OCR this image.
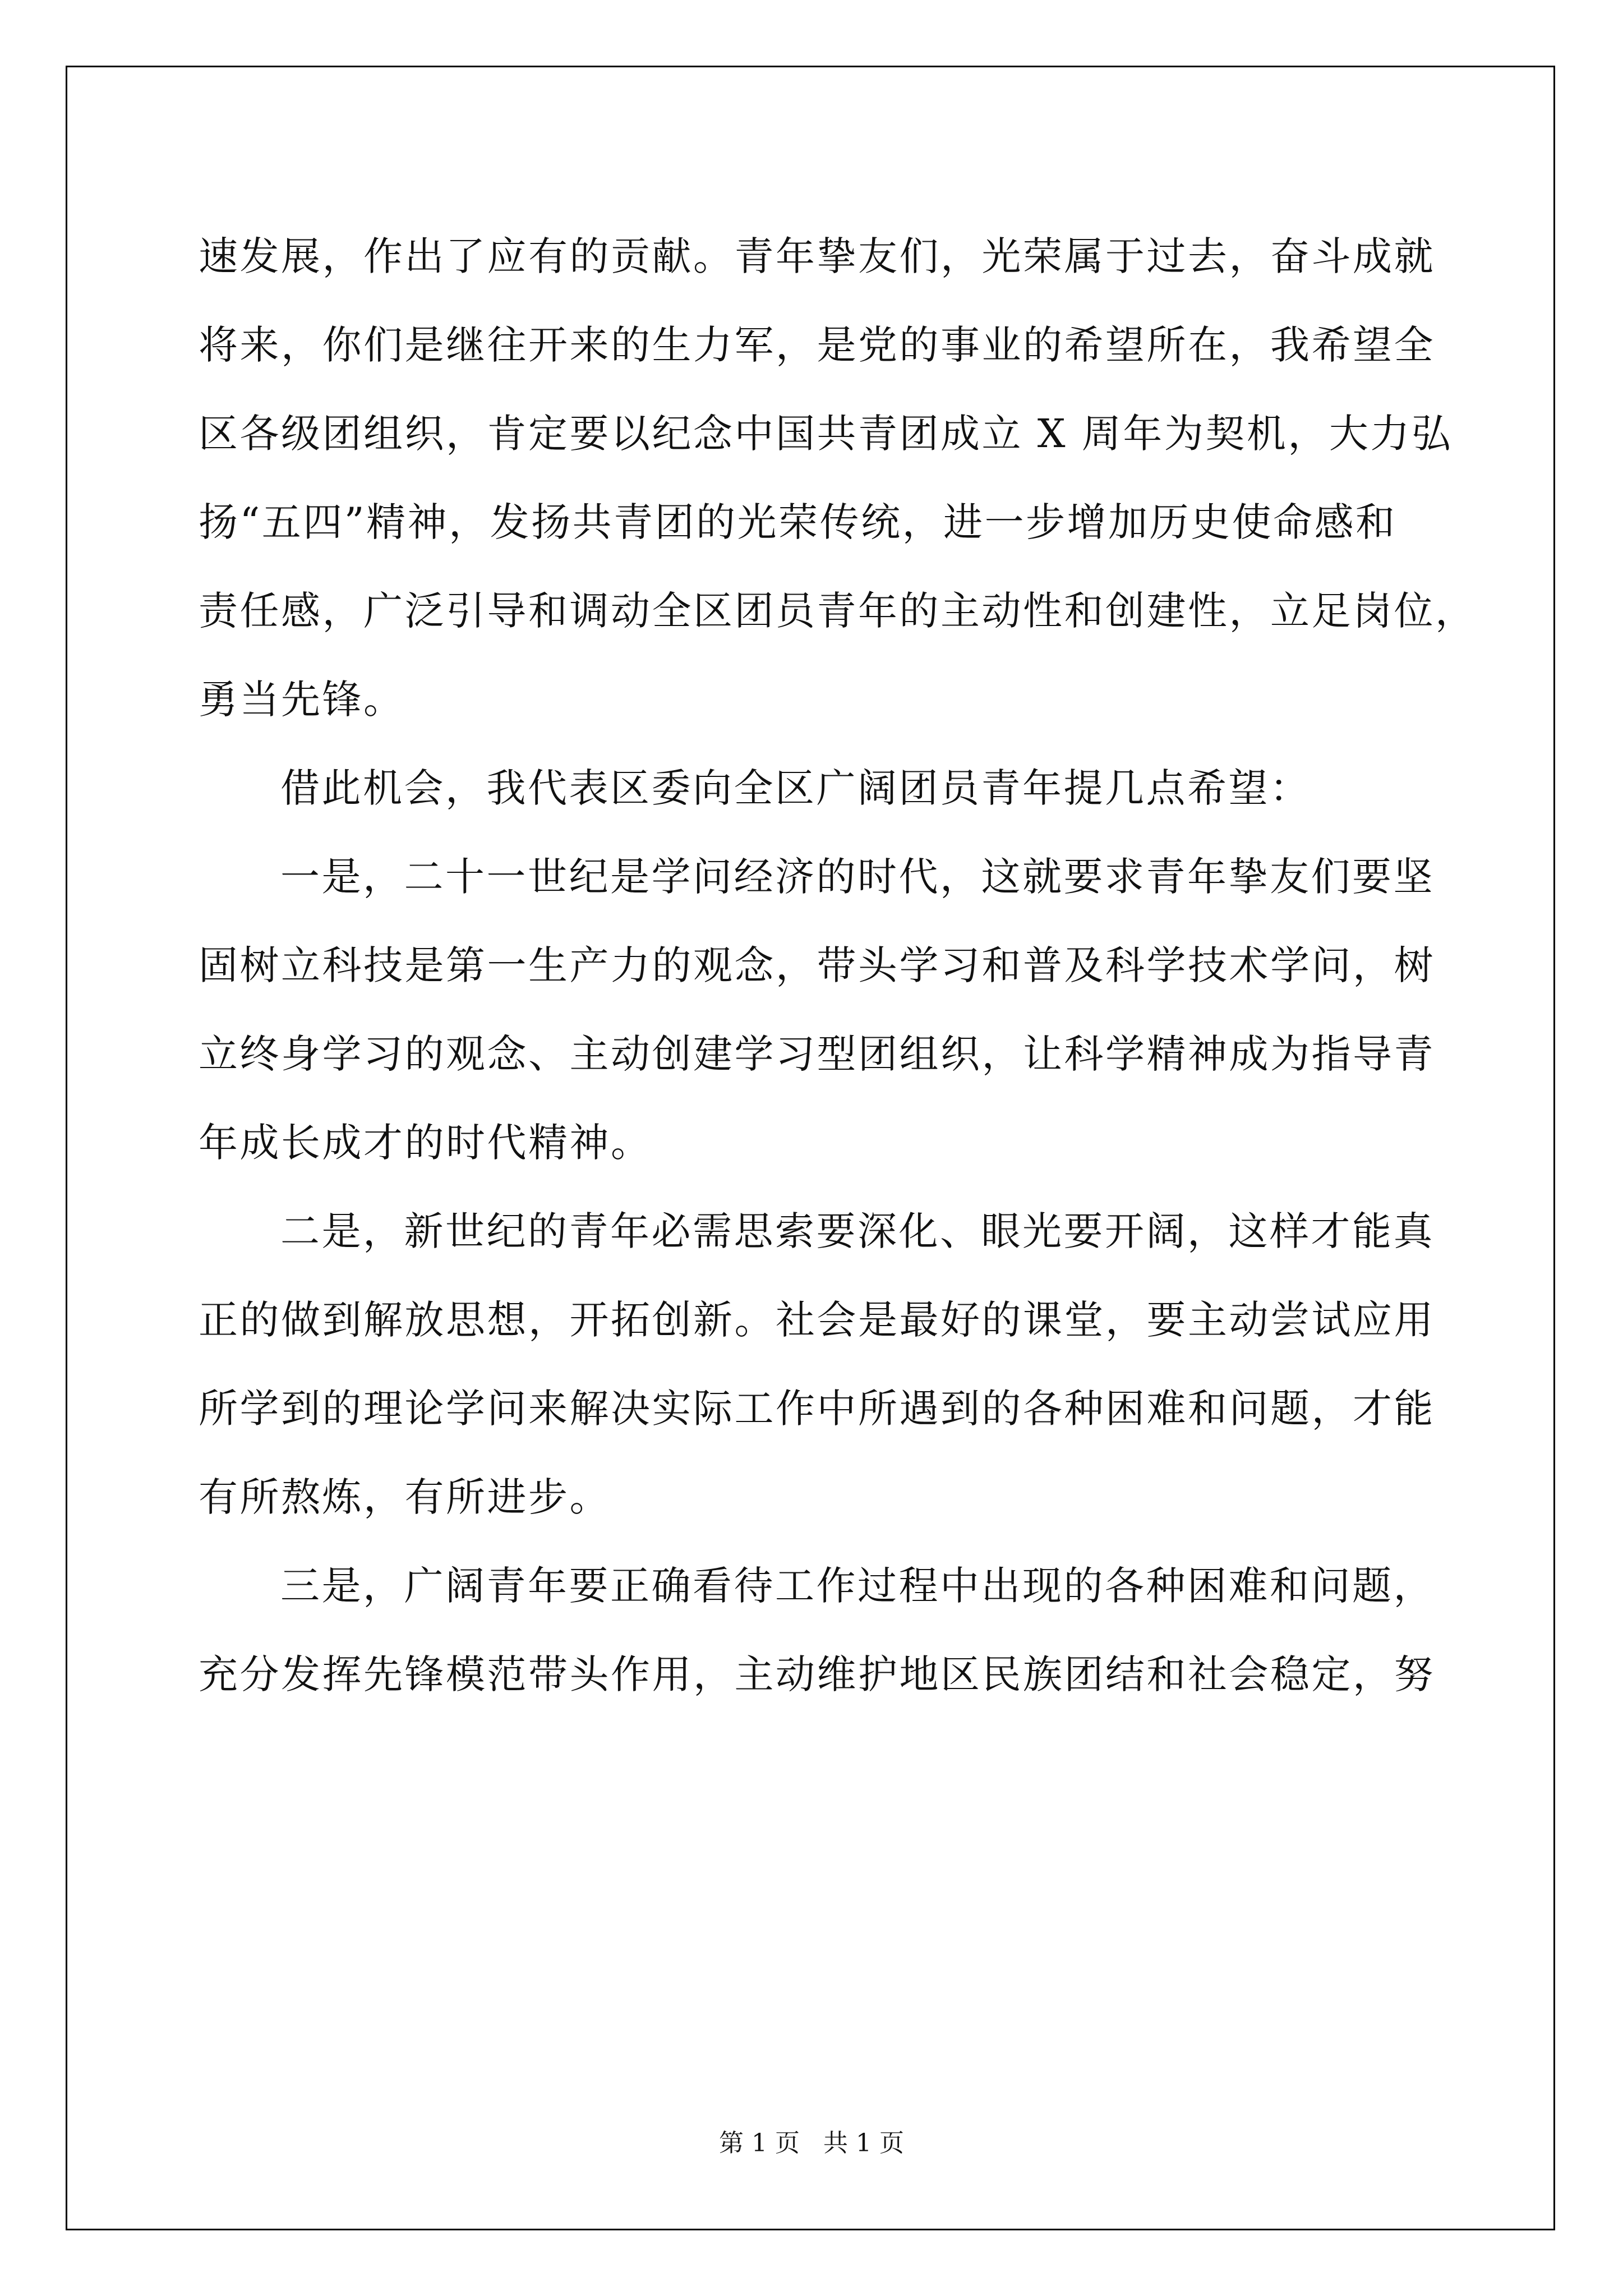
速发展，作出了应有的贡献。青年挚友们，光荣属于过去，奋斗成就
将来，你们是继往开来的生力军，是党的事业的希望所在，我希望全
区各级团组织，肯定要以纪念中国共青团成立 X 周年为契机，大力弘
扬“五四”精神，发扬共青团的光荣传统，进一步增加历史使命感和
责任感，广泛引导和调动全区团员青年的主动性和创建性，立足岗位，
勇当先锋。
借此机会，我代表区委向全区广阔团员青年提几点希望：
一是，二十一世纪是学问经济的时代，这就要求青年挚友们要坚
固树立科技是第一生产力的观念，带头学习和普及科学技术学问，树
立终身学习的观念、主动创建学习型团组织，让科学精神成为指导青
年成长成才的时代精神。
二是，新世纪的青年必需思索要深化、眼光要开阔，这样才能真
正的做到解放思想，开拓创新。社会是最好的课堂，要主动尝试应用
所学到的理论学问来解决实际工作中所遇到的各种困难和问题，才能
有所熬炼，有所进步。
三是，广阔青年要正确看待工作过程中出现的各种困难和问题，
充分发挥先锋模范带头作用，主动维护地区民族团结和社会稳定，努
第 1 页 共 1 页
